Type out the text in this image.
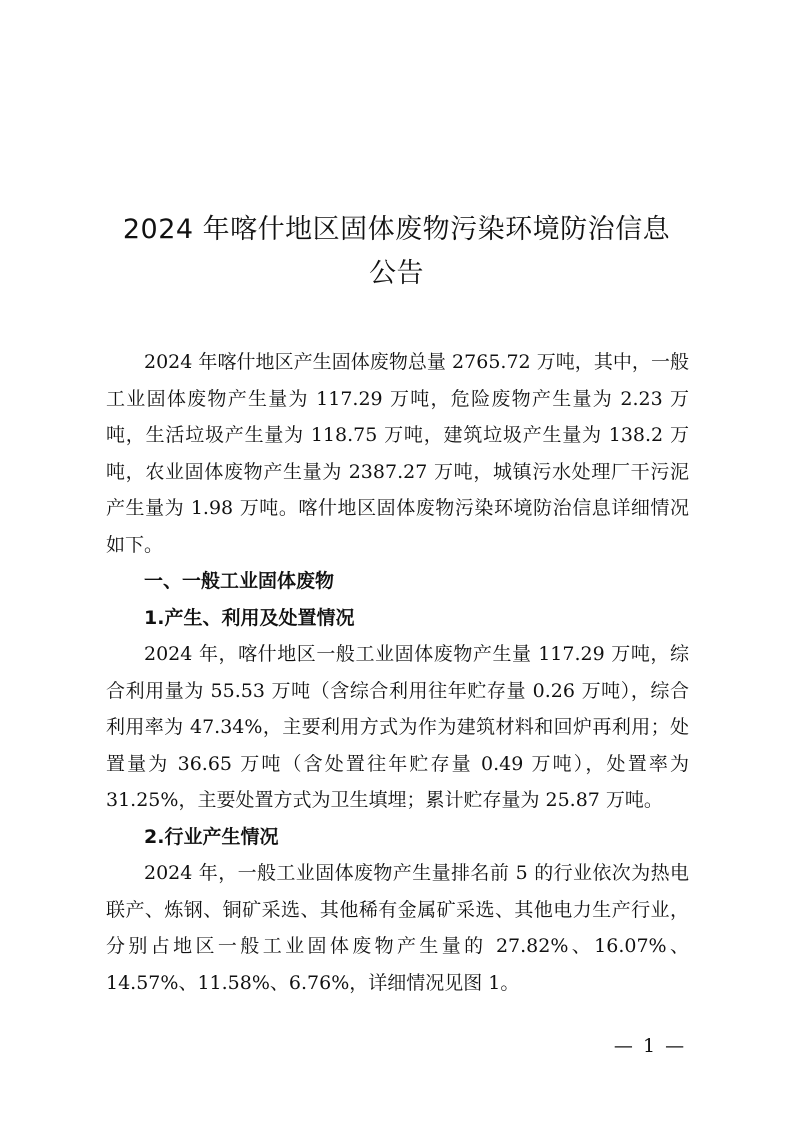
2024 年喀什地区固体废物污染环境防治信息
公告

2024 年喀什地区产生固体废物总量 2765.72 万吨，其中，一般工业固体废物产生量为 117.29 万吨，危险废物产生量为 2.23 万吨，生活垃圾产生量为 118.75 万吨，建筑垃圾产生量为 138.2 万吨，农业固体废物产生量为 2387.27 万吨，城镇污水处理厂干污泥产生量为 1.98 万吨。喀什地区固体废物污染环境防治信息详细情况如下。

一、一般工业固体废物

1.产生、利用及处置情况

2024 年，喀什地区一般工业固体废物产生量 117.29 万吨，综合利用量为 55.53 万吨（含综合利用往年贮存量 0.26 万吨），综合利用率为 47.34%，主要利用方式为作为建筑材料和回炉再利用；处置量为 36.65 万吨（含处置往年贮存量 0.49 万吨），处置率为 31.25%，主要处置方式为卫生填埋；累计贮存量为 25.87 万吨。

2.行业产生情况

2024 年，一般工业固体废物产生量排名前 5 的行业依次为热电联产、炼钢、铜矿采选、其他稀有金属矿采选、其他电力生产行业，分别占地区一般工业固体废物产生量的 27.82%、16.07%、14.57%、11.58%、6.76%，详细情况见图 1。

— 1 —
